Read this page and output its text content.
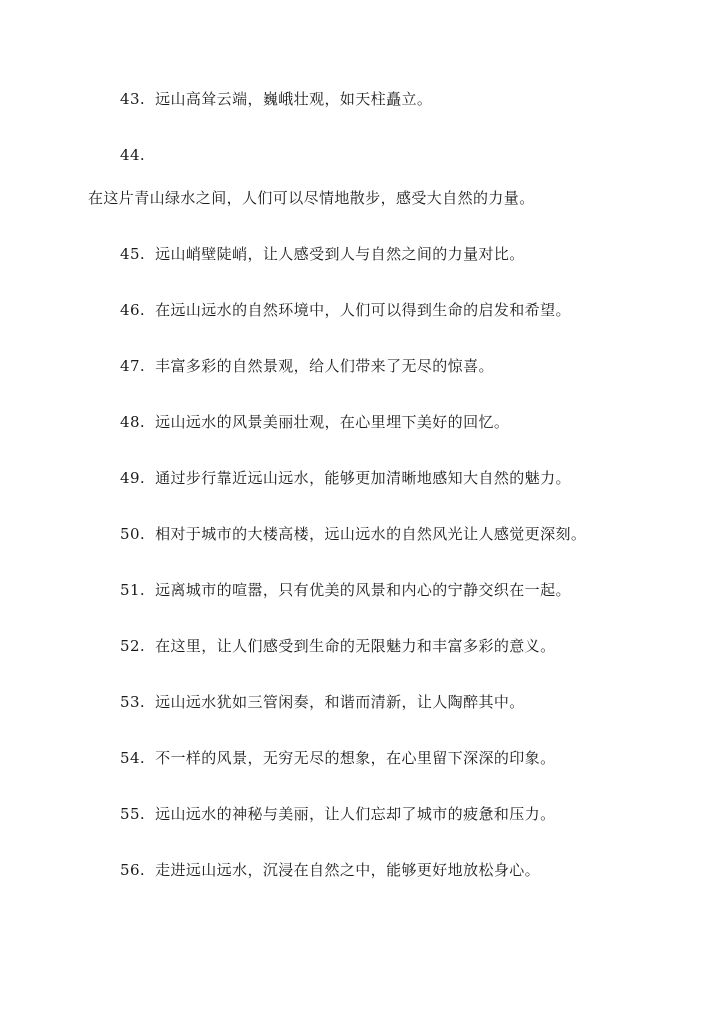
43. 远山高耸云端，巍峨壮观，如天柱矗立。
44.
在这片青山绿水之间，人们可以尽情地散步，感受大自然的力量。
45. 远山峭壁陡峭，让人感受到人与自然之间的力量对比。
46. 在远山远水的自然环境中，人们可以得到生命的启发和希望。
47. 丰富多彩的自然景观，给人们带来了无尽的惊喜。
48. 远山远水的风景美丽壮观，在心里埋下美好的回忆。
49. 通过步行靠近远山远水，能够更加清晰地感知大自然的魅力。
50. 相对于城市的大楼高楼，远山远水的自然风光让人感觉更深刻。
51. 远离城市的喧嚣，只有优美的风景和内心的宁静交织在一起。
52. 在这里，让人们感受到生命的无限魅力和丰富多彩的意义。
53. 远山远水犹如三管闲奏，和谐而清新，让人陶醉其中。
54. 不一样的风景，无穷无尽的想象，在心里留下深深的印象。
55. 远山远水的神秘与美丽，让人们忘却了城市的疲惫和压力。
56. 走进远山远水，沉浸在自然之中，能够更好地放松身心。
